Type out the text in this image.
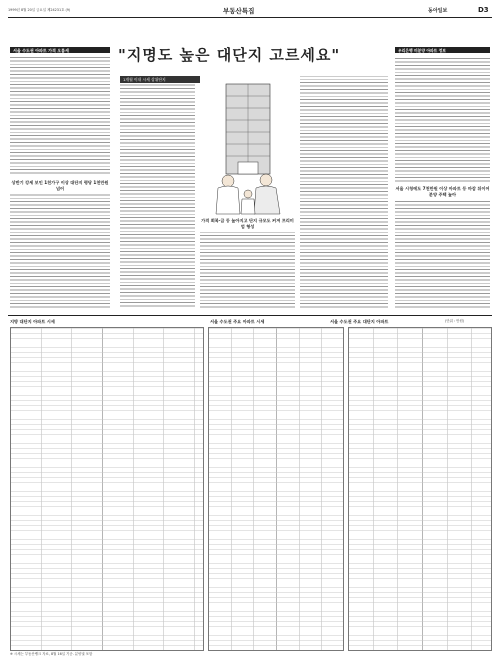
1999년 8월 20일 금요일 제24231호 (9)	부동산특집	동아일보	D3
서울 수도권 아파트 가격 오름세
상반기 강세 보인 1천가구 이상 대단지 평당 1천만원 넘어
"지명도 높은 대단지 고르세요"
1개월 이내 시세 상위단지
가격 회복·급 등 높아지고 단지 규모도 커져 프리미엄 형성
우리은행 미분양 아파트 정보
서울 시청에도 7천만원 이상 아파트 등 마감 뒤이어 분양 주택 높아
지방 대단지 아파트 시세	서울 수도권 주요 아파트 시세	서울 수도권 주요 대단지 아파트	(단위 : 만원)
※ 시세는 부동산뱅크 자료, 8월 16일 기준. 분양권 포함
